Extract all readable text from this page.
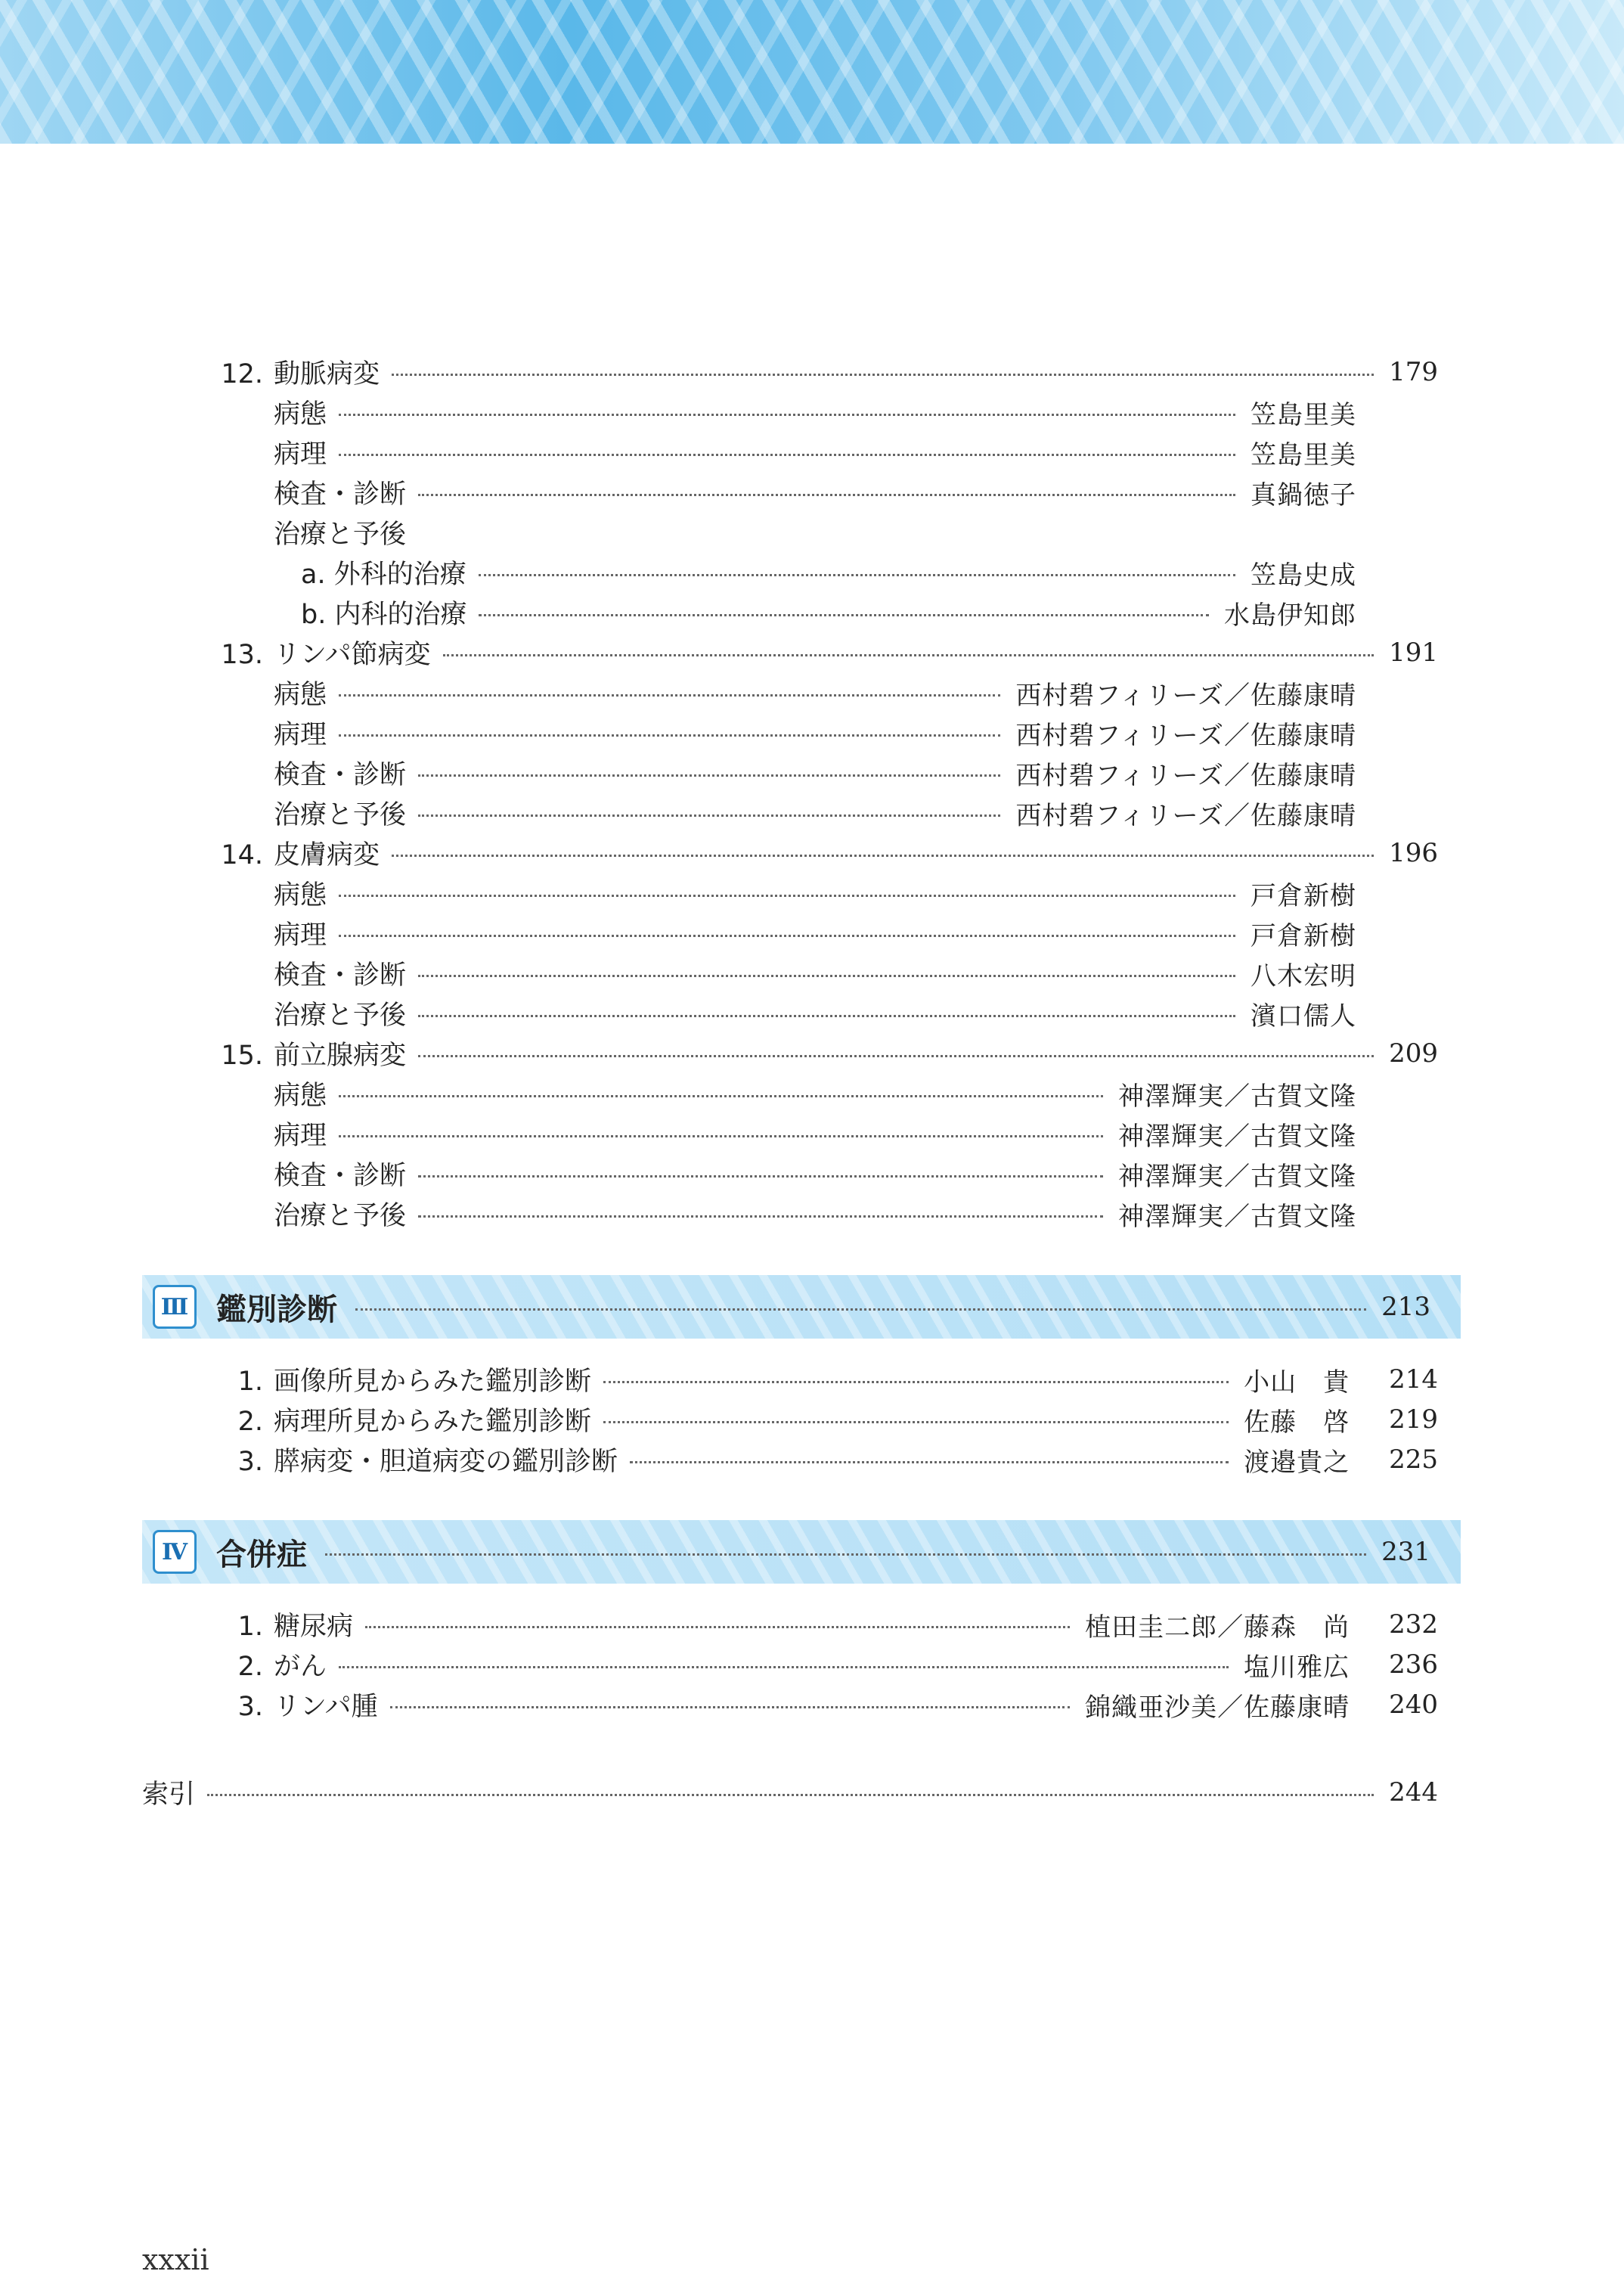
12. 動脈病変	179
病態	笠島里美
病理	笠島里美
検査・診断	真鍋徳子
治療と予後
a. 外科的治療	笠島史成
b. 内科的治療	水島伊知郎
13. リンパ節病変	191
病態	西村碧フィリーズ／佐藤康晴
病理	西村碧フィリーズ／佐藤康晴
検査・診断	西村碧フィリーズ／佐藤康晴
治療と予後	西村碧フィリーズ／佐藤康晴
14. 皮膚病変	196
病態	戸倉新樹
病理	戸倉新樹
検査・診断	八木宏明
治療と予後	濱口儒人
15. 前立腺病変	209
病態	神澤輝実／古賀文隆
病理	神澤輝実／古賀文隆
検査・診断	神澤輝実／古賀文隆
治療と予後	神澤輝実／古賀文隆
Ⅲ 鑑別診断	213
1. 画像所見からみた鑑別診断	小山　貴 214
2. 病理所見からみた鑑別診断	佐藤　啓 219
3. 膵病変・胆道病変の鑑別診断	渡邉貴之 225
Ⅳ 合併症	231
1. 糖尿病	植田圭二郎／藤森　尚 232
2. がん	塩川雅広 236
3. リンパ腫	錦織亜沙美／佐藤康晴 240
索引	244
xxxii
